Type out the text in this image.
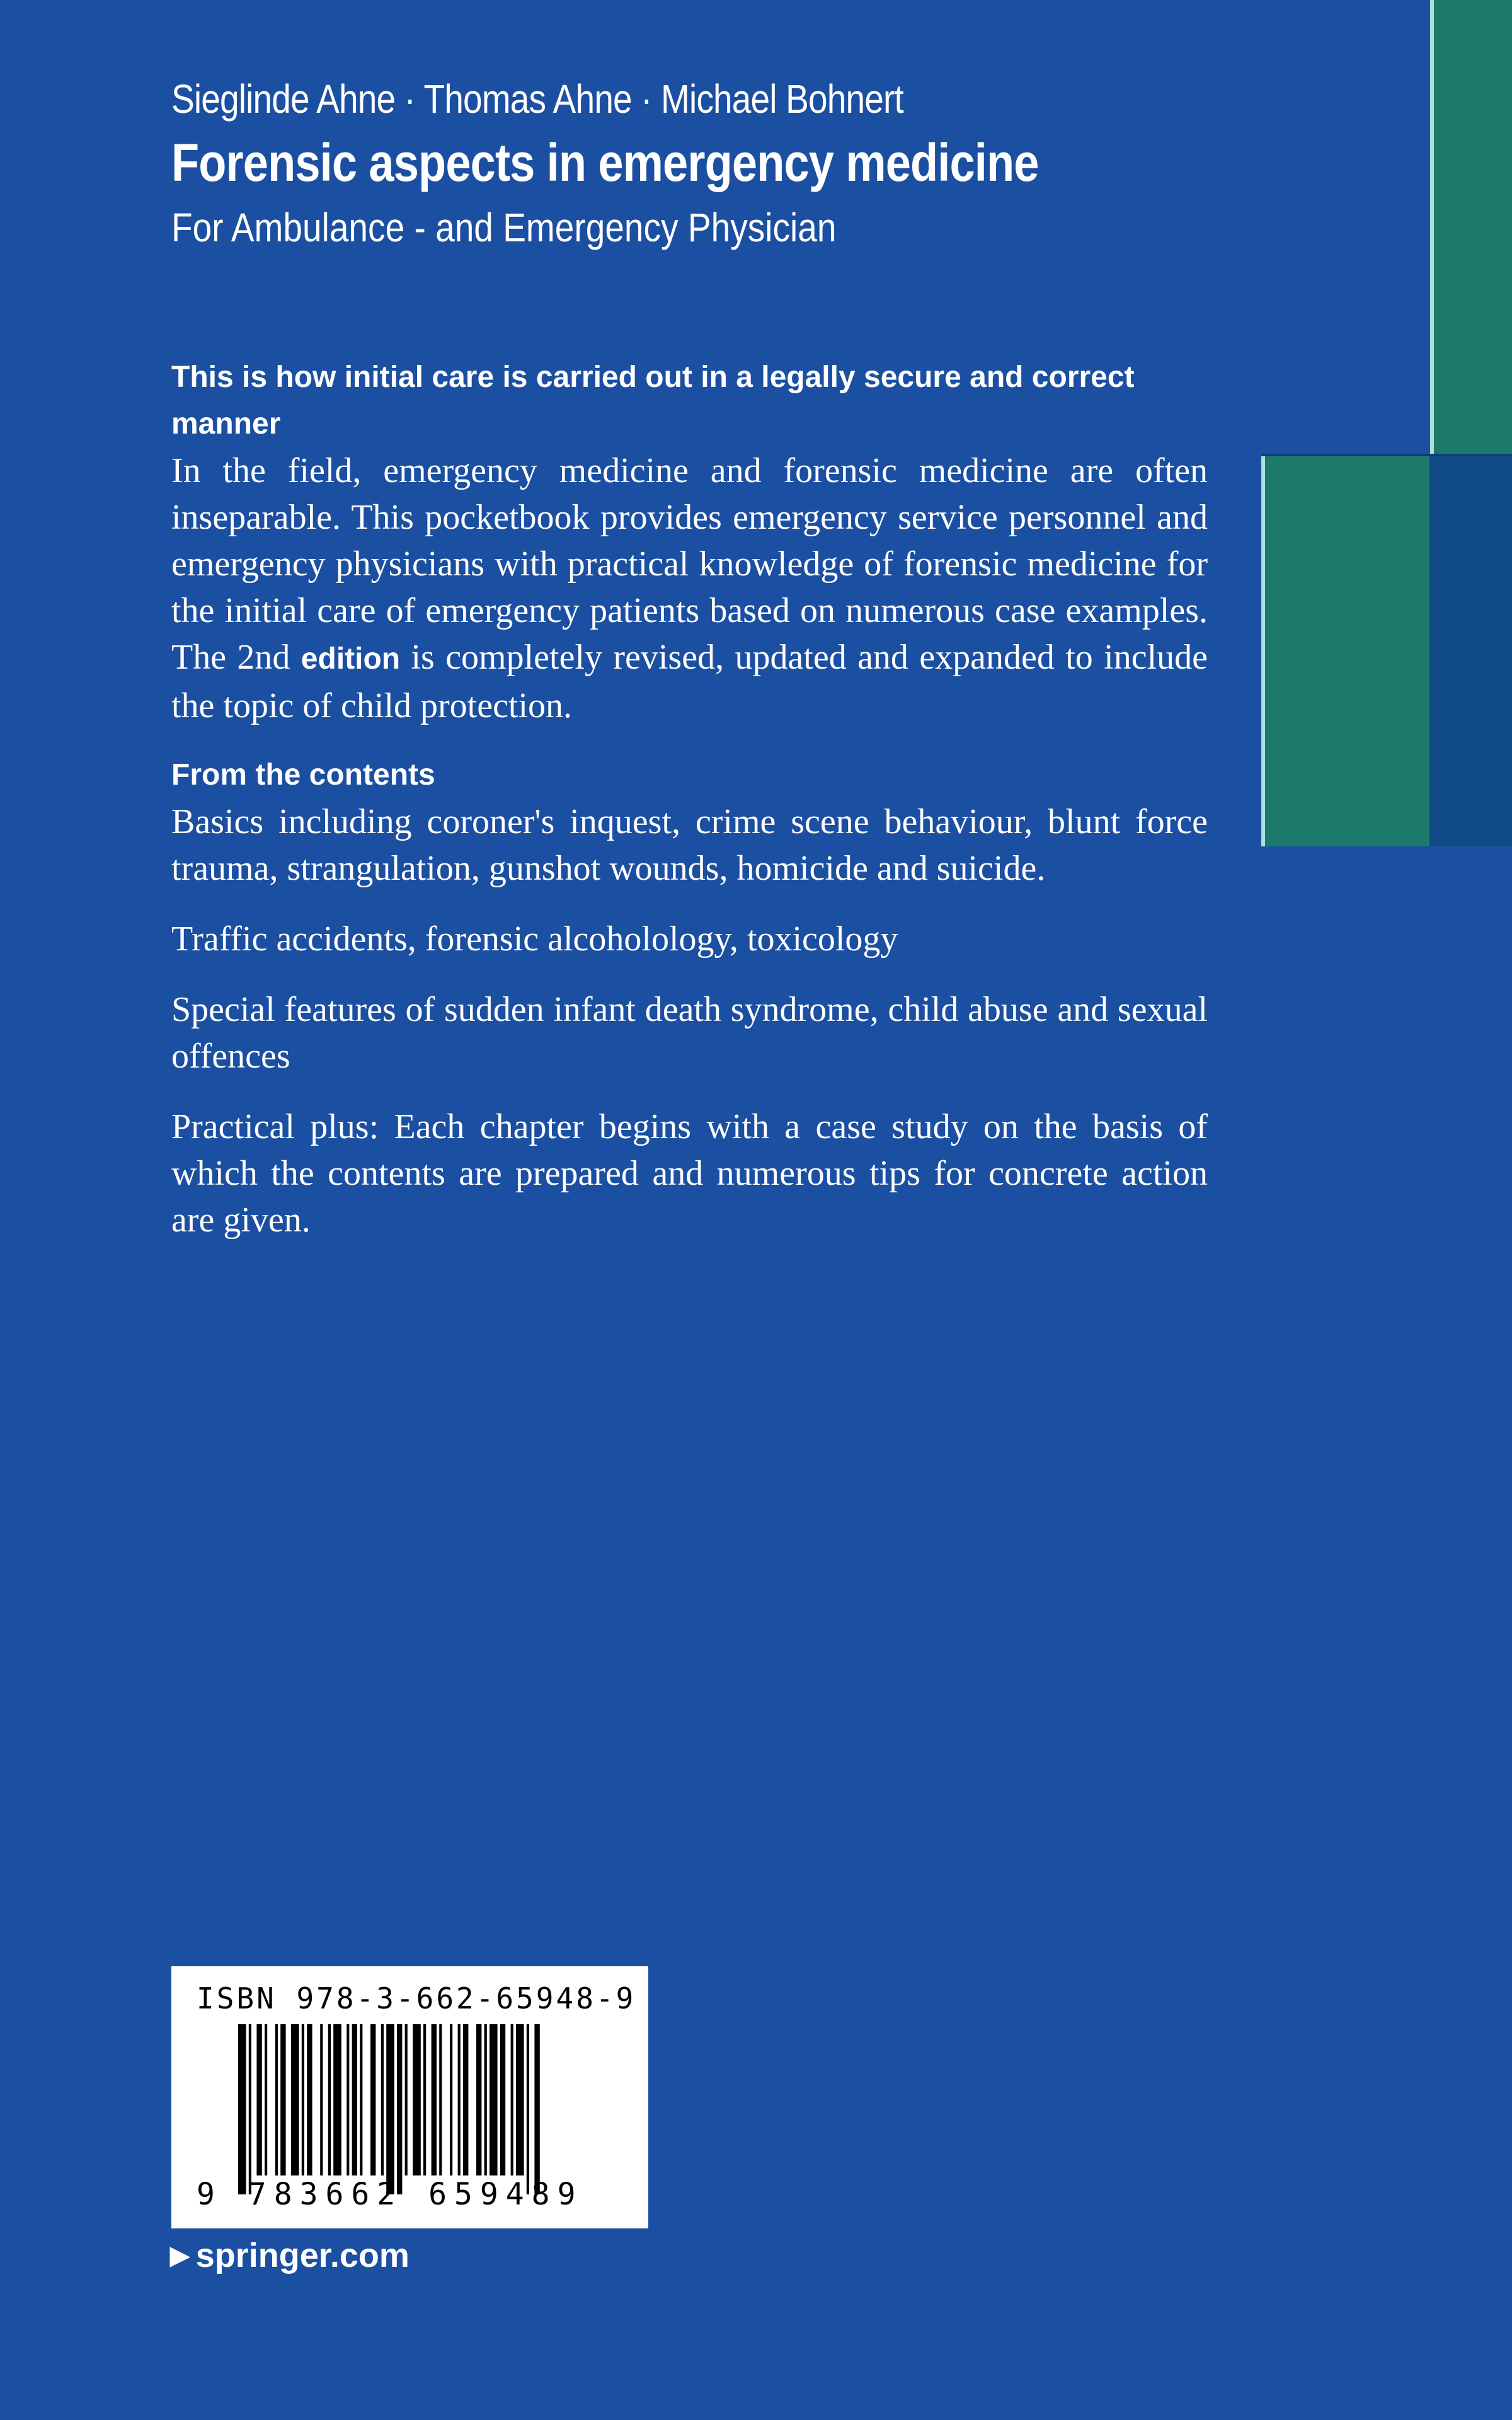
Sieglinde Ahne · Thomas Ahne · Michael Bohnert
Forensic aspects in emergency medicine
For Ambulance - and Emergency Physician

This is how initial care is carried out in a legally secure and correct manner

In the field, emergency medicine and forensic medicine are often inseparable. This pocketbook provides emergency service personnel and emergency physicians with practical knowledge of forensic medicine for the initial care of emergency patients based on numerous case examples. The 2nd edition is completely revised, updated and expanded to include the topic of child protection.

From the contents

Basics including coroner's inquest, crime scene behaviour, blunt force trauma, strangulation, gunshot wounds, homicide and suicide.

Traffic accidents, forensic alcoholology, toxicology

Special features of sudden infant death syndrome, child abuse and sexual offences

Practical plus: Each chapter begins with a case study on the basis of which the contents are prepared and numerous tips for concrete action are given.

ISBN 978-3-662-65948-9
9 783662 659489
▶ springer.com
